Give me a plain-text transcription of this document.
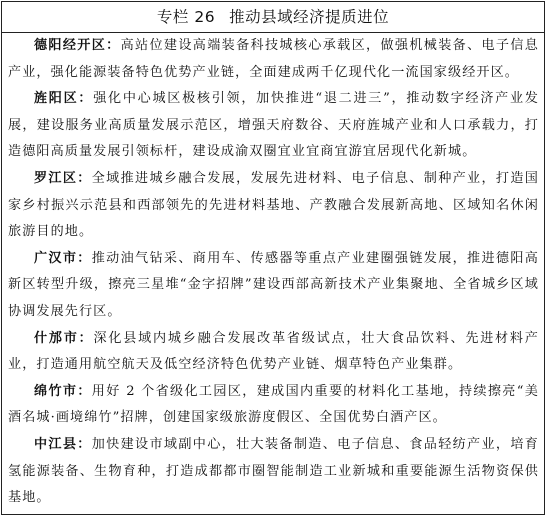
专栏 26 推动县域经济提质进位
德阳经开区：高站位建设高端装备科技城核心承载区，做强机械装备、电子信息产业，强化能源装备特色优势产业链，全面建成两千亿现代化一流国家级经开区。
旌阳区：强化中心城区极核引领，加快推进“退二进三”，推动数字经济产业发展，建设服务业高质量发展示范区，增强天府数谷、天府旌城产业和人口承载力，打造德阳高质量发展引领标杆，建设成渝双圈宜业宜商宜游宜居现代化新城。
罗江区：全域推进城乡融合发展，发展先进材料、电子信息、制种产业，打造国家乡村振兴示范县和西部领先的先进材料基地、产教融合发展新高地、区域知名休闲旅游目的地。
广汉市：推动油气钻采、商用车、传感器等重点产业建圈强链发展，推进德阳高新区转型升级，擦亮三星堆“金字招牌”建设西部高新技术产业集聚地、全省城乡区域协调发展先行区。
什邡市：深化县域内城乡融合发展改革省级试点，壮大食品饮料、先进材料产业，打造通用航空航天及低空经济特色优势产业链、烟草特色产业集群。
绵竹市：用好 2 个省级化工园区，建成国内重要的材料化工基地，持续擦亮“美酒名城·画境绵竹”招牌，创建国家级旅游度假区、全国优势白酒产区。
中江县：加快建设市域副中心，壮大装备制造、电子信息、食品轻纺产业，培育氢能源装备、生物育种，打造成都都市圈智能制造工业新城和重要能源生活物资保供基地。
